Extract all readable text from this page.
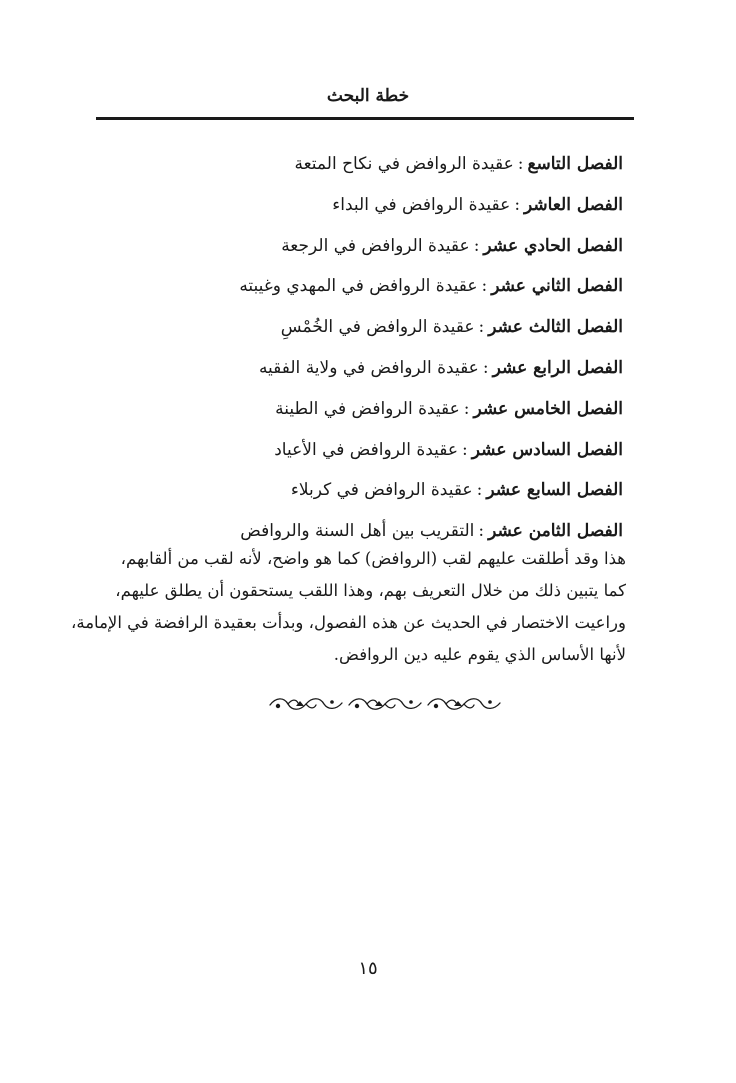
خطة البحث
الفصل التاسع:عقيدة الروافض في نكاح المتعة
الفصل العاشر:عقيدة الروافض في البداء
الفصل الحادي عشر:عقيدة الروافض في الرجعة
الفصل الثاني عشر:عقيدة الروافض في المهدي وغيبته
الفصل الثالث عشر:عقيدة الروافض في الخُمْسِ
الفصل الرابع عشر:عقيدة الروافض في ولاية الفقيه
الفصل الخامس عشر:عقيدة الروافض في الطينة
الفصل السادس عشر:عقيدة الروافض في الأعياد
الفصل السابع عشر:عقيدة الروافض في كربلاء
الفصل الثامن عشر:التقريب بين أهل السنة والروافض
هذا وقد أطلقت عليهم لقب (الروافض) كما هو واضح، لأنه لقب من ألقابهم،
كما يتبين ذلك من خلال التعريف بهم، وهذا اللقب يستحقون أن يطلق عليهم،
وراعيت الاختصار في الحديث عن هذه الفصول، وبدأت بعقيدة الرافضة في الإمامة،
لأنها الأساس الذي يقوم عليه دين الروافض.
١٥
